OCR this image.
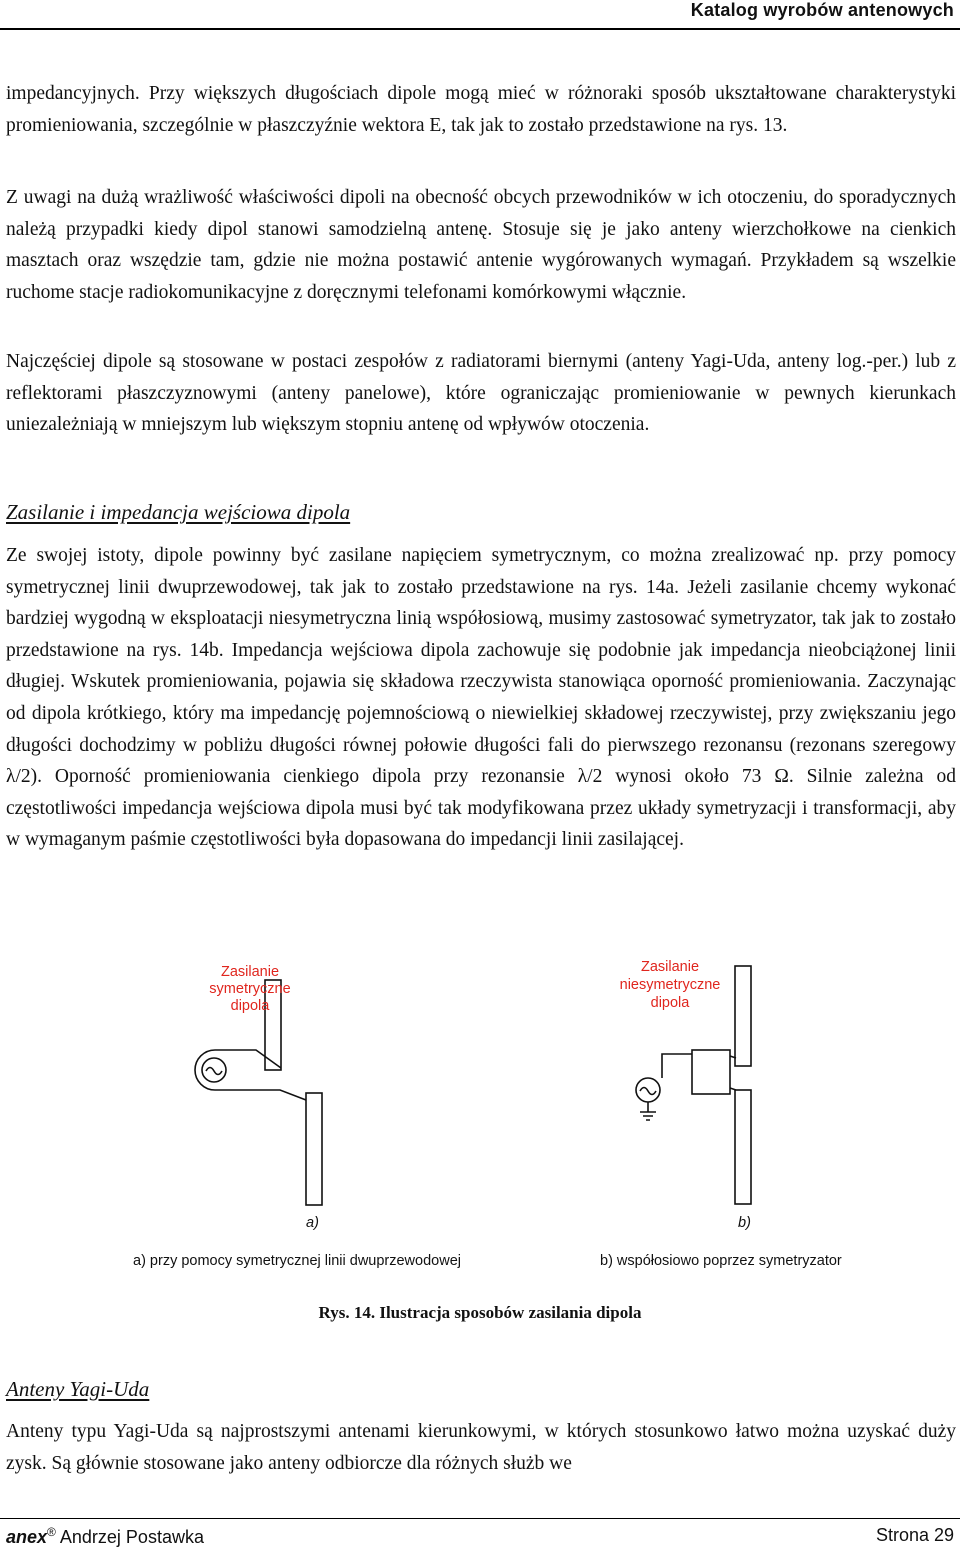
Katalog wyrobów antenowych

impedancyjnych. Przy większych długościach dipole mogą mieć w różnoraki sposób ukształtowane charakterystyki promieniowania, szczególnie w płaszczyźnie wektora E, tak jak to zostało przedstawione na rys. 13.

Z uwagi na dużą wrażliwość właściwości dipoli na obecność obcych przewodników w ich otoczeniu, do sporadycznych należą przypadki kiedy dipol stanowi samodzielną antenę. Stosuje się je jako anteny wierzchołkowe na cienkich masztach oraz wszędzie tam, gdzie nie można postawić antenie wygórowanych wymagań. Przykładem są wszelkie ruchome stacje radiokomunikacyjne z doręcznymi telefonami komórkowymi włącznie.

Najczęściej dipole są stosowane w postaci zespołów z radiatorami biernymi (anteny Yagi-Uda, anteny log.-per.) lub z reflektorami płaszczyznowymi (anteny panelowe), które ograniczając promieniowanie w pewnych kierunkach uniezależniają w mniejszym lub większym stopniu antenę od wpływów otoczenia.

Zasilanie i impedancja wejściowa dipola

Ze swojej istoty, dipole powinny być zasilane napięciem symetrycznym, co można zrealizować np. przy pomocy symetrycznej linii dwuprzewodowej, tak jak to zostało przedstawione na rys. 14a. Jeżeli zasilanie chcemy wykonać bardziej wygodną w eksploatacji niesymetryczna linią współosiową, musimy zastosować symetryzator, tak jak to zostało przedstawione na rys. 14b. Impedancja wejściowa dipola zachowuje się podobnie jak impedancja nieobciążonej linii długiej. Wskutek promieniowania, pojawia się składowa rzeczywista stanowiąca oporność promieniowania. Zaczynając od dipola krótkiego, który ma impedancję pojemnościową o niewielkiej składowej rzeczywistej, przy zwiększaniu jego długości dochodzimy w pobliżu długości równej połowie długości fali do pierwszego rezonansu (rezonans szeregowy λ/2). Oporność promieniowania cienkiego dipola przy rezonansie λ/2 wynosi około 73 Ω. Silnie zależna od częstotliwości impedancja wejściowa dipola musi być tak modyfikowana przez układy symetryzacji i transformacji, aby w wymaganym paśmie częstotliwości była dopasowana do impedancji linii zasilającej.

Zasilanie
symetryczne
dipola
Zasilanie
niesymetryczne
dipola
a)	b)
a) przy pomocy symetrycznej linii dwuprzewodowej	b) współosiowo poprzez symetryzator
Rys. 14. Ilustracja sposobów zasilania dipola
Anteny Yagi-Uda

Anteny typu Yagi-Uda są najprostszymi antenami kierunkowymi, w których stosunkowo łatwo można uzyskać duży zysk. Są głównie stosowane jako anteny odbiorcze dla różnych służb we

anex® Andrzej Postawka	Strona 29
